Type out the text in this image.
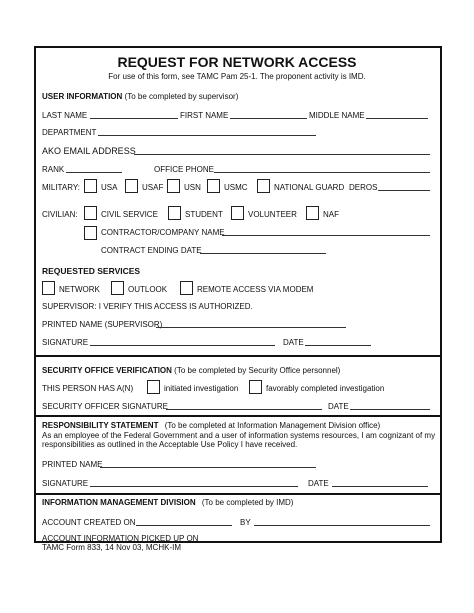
REQUEST FOR NETWORK ACCESS
For use of this form, see TAMC Pam 25-1. The proponent activity is IMD.
USER INFORMATION (To be completed by supervisor)
LAST NAME	FIRST NAME	MIDDLE NAME
DEPARTMENT
AKO EMAIL ADDRESS
RANK	OFFICE PHONE
MILITARY:	USA	USAF	USN	USMC	NATIONAL GUARD DEROS
CIVILIAN:	CIVIL SERVICE	STUDENT	VOLUNTEER	NAF
CONTRACTOR/COMPANY NAME
CONTRACT ENDING DATE
REQUESTED SERVICES
NETWORK	OUTLOOK	REMOTE ACCESS VIA MODEM
SUPERVISOR: I VERIFY THIS ACCESS IS AUTHORIZED.
PRINTED NAME (SUPERVISOR)
SIGNATURE	DATE
SECURITY OFFICE VERIFICATION (To be completed by Security Office personnel)
THIS PERSON HAS A(N)	initiated investigation	favorably completed investigation
SECURITY OFFICER SIGNATURE	DATE
RESPONSIBILITY STATEMENT (To be completed at Information Management Division office)
As an employee of the Federal Government and a user of information systems resources, I am cognizant of my
responsibilities as outlined in the Acceptable Use Policy I have received.
PRINTED NAME
SIGNATURE	DATE
INFORMATION MANAGEMENT DIVISION (To be completed by IMD)
ACCOUNT CREATED ON	BY
ACCOUNT INFORMATION PICKED UP ON
TAMC Form 833, 14 Nov 03, MCHK-IM
